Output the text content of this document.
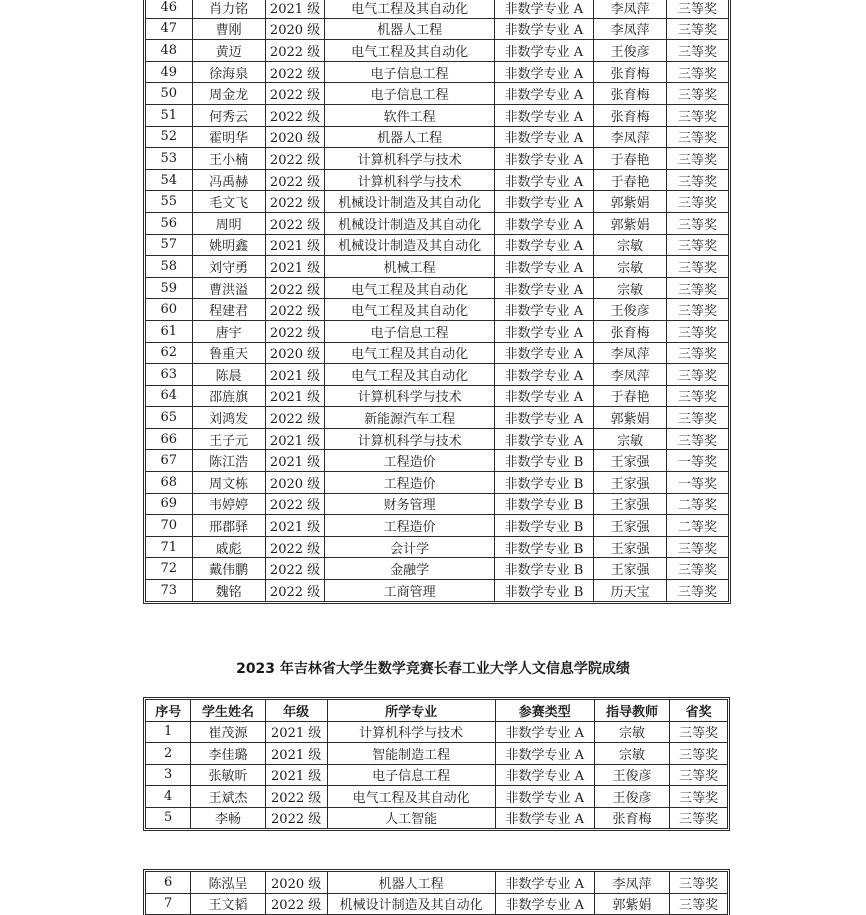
46	肖力铭	2021 级	电气工程及其自动化	非数学专业 A	李凤萍	三等奖
47	曹刚	2020 级	机器人工程	非数学专业 A	李凤萍	三等奖
48	黄迈	2022 级	电气工程及其自动化	非数学专业 A	王俊彦	三等奖
49	徐海泉	2022 级	电子信息工程	非数学专业 A	张育梅	三等奖
50	周金龙	2022 级	电子信息工程	非数学专业 A	张育梅	三等奖
51	何秀云	2022 级	软件工程	非数学专业 A	张育梅	三等奖
52	霍明华	2020 级	机器人工程	非数学专业 A	李凤萍	三等奖
53	王小楠	2022 级	计算机科学与技术	非数学专业 A	于春艳	三等奖
54	冯禹赫	2022 级	计算机科学与技术	非数学专业 A	于春艳	三等奖
55	毛文飞	2022 级	机械设计制造及其自动化	非数学专业 A	郭紫娟	三等奖
56	周明	2022 级	机械设计制造及其自动化	非数学专业 A	郭紫娟	三等奖
57	姚明鑫	2021 级	机械设计制造及其自动化	非数学专业 A	宗敏	三等奖
58	刘守勇	2021 级	机械工程	非数学专业 A	宗敏	三等奖
59	曹洪溢	2022 级	电气工程及其自动化	非数学专业 A	宗敏	三等奖
60	程建君	2022 级	电气工程及其自动化	非数学专业 A	王俊彦	三等奖
61	唐宇	2022 级	电子信息工程	非数学专业 A	张育梅	三等奖
62	鲁重天	2020 级	电气工程及其自动化	非数学专业 A	李凤萍	三等奖
63	陈晨	2021 级	电气工程及其自动化	非数学专业 A	李凤萍	三等奖
64	邵旌旗	2021 级	计算机科学与技术	非数学专业 A	于春艳	三等奖
65	刘鸿发	2022 级	新能源汽车工程	非数学专业 A	郭紫娟	三等奖
66	王子元	2021 级	计算机科学与技术	非数学专业 A	宗敏	三等奖
67	陈江浩	2021 级	工程造价	非数学专业 B	王家强	一等奖
68	周文栋	2020 级	工程造价	非数学专业 B	王家强	一等奖
69	韦婷婷	2022 级	财务管理	非数学专业 B	王家强	二等奖
70	邢郡驿	2021 级	工程造价	非数学专业 B	王家强	二等奖
71	戚彪	2022 级	会计学	非数学专业 B	王家强	三等奖
72	戴伟鹏	2022 级	金融学	非数学专业 B	王家强	三等奖
73	魏铭	2022 级	工商管理	非数学专业 B	历天宝	三等奖
2023 年吉林省大学生数学竞赛长春工业大学人文信息学院成绩
序号	学生姓名	年级	所学专业	参赛类型	指导教师	省奖
1	崔茂源	2021 级	计算机科学与技术	非数学专业 A	宗敏	三等奖
2	李佳璐	2021 级	智能制造工程	非数学专业 A	宗敏	三等奖
3	张敏昕	2021 级	电子信息工程	非数学专业 A	王俊彦	三等奖
4	王斌杰	2022 级	电气工程及其自动化	非数学专业 A	王俊彦	三等奖
5	李畅	2022 级	人工智能	非数学专业 A	张育梅	三等奖
6	陈泓呈	2020 级	机器人工程	非数学专业 A	李凤萍	三等奖
7	王文韬	2022 级	机械设计制造及其自动化	非数学专业 A	郭紫娟	三等奖
